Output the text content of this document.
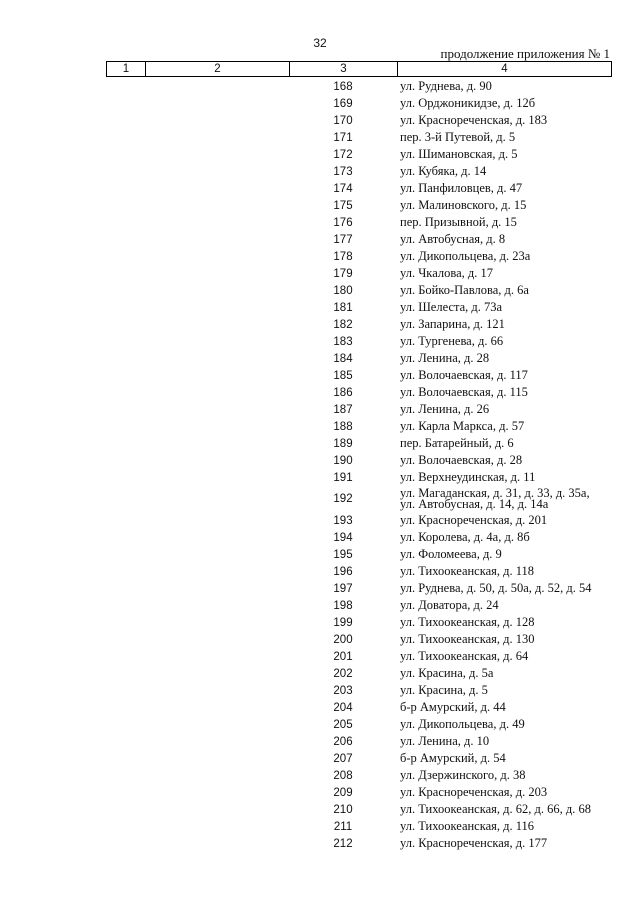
32
продолжение приложения № 1
1	2	3	4
168	ул. Руднева, д. 90
169	ул. Орджоникидзе, д. 12б
170	ул. Краснореченская, д. 183
171	пер. 3-й Путевой, д. 5
172	ул. Шимановская, д. 5
173	ул. Кубяка, д. 14
174	ул. Панфиловцев, д. 47
175	ул. Малиновского, д. 15
176	пер. Призывной, д. 15
177	ул. Автобусная, д. 8
178	ул. Дикопольцева, д. 23а
179	ул. Чкалова, д. 17
180	ул. Бойко-Павлова, д. 6а
181	ул. Шелеста, д. 73а
182	ул. Запарина, д. 121
183	ул. Тургенева, д. 66
184	ул. Ленина, д. 28
185	ул. Волочаевская, д. 117
186	ул. Волочаевская, д. 115
187	ул. Ленина, д. 26
188	ул. Карла Маркса, д. 57
189	пер. Батарейный, д. 6
190	ул. Волочаевская, д. 28
191	ул. Верхнеудинская, д. 11
192	ул. Магаданская, д. 31, д. 33, д. 35а,
ул. Автобусная, д. 14, д. 14а
193	ул. Краснореченская, д. 201
194	ул. Королева, д. 4а, д. 8б
195	ул. Фоломеева, д. 9
196	ул. Тихоокеанская, д. 118
197	ул. Руднева, д. 50, д. 50а, д. 52, д. 54
198	ул. Доватора, д. 24
199	ул. Тихоокеанская, д. 128
200	ул. Тихоокеанская, д. 130
201	ул. Тихоокеанская, д. 64
202	ул. Красина, д. 5а
203	ул. Красина, д. 5
204	б-р Амурский, д. 44
205	ул. Дикопольцева, д. 49
206	ул. Ленина, д. 10
207	б-р Амурский, д. 54
208	ул. Дзержинского, д. 38
209	ул. Краснореченская, д. 203
210	ул. Тихоокеанская, д. 62, д. 66, д. 68
211	ул. Тихоокеанская, д. 116
212	ул. Краснореченская, д. 177
